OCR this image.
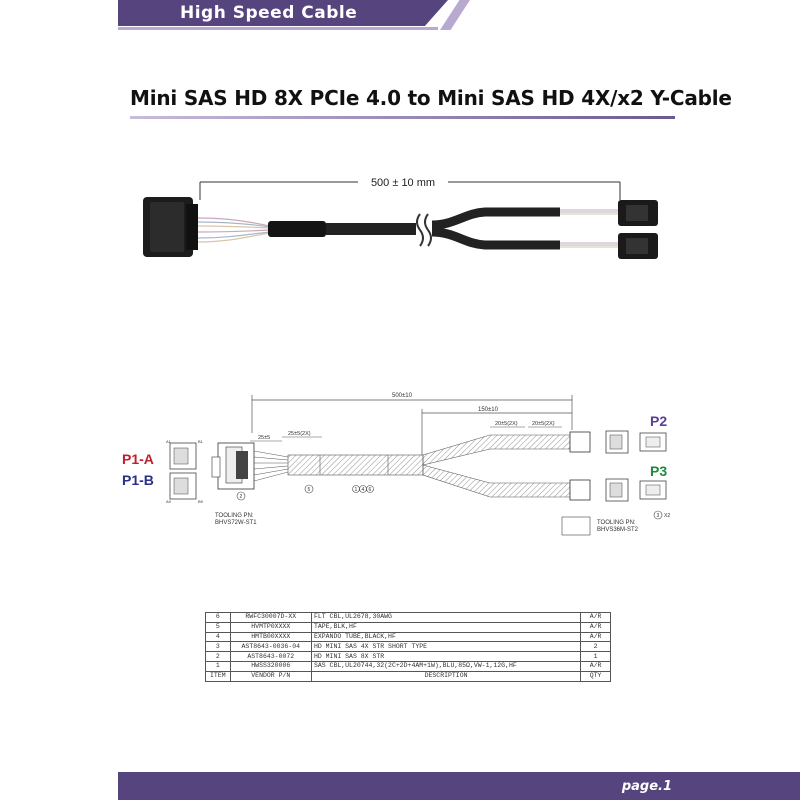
High Speed Cable
Mini SAS HD 8X PCIe 4.0 to Mini SAS HD 4X/x2 Y-Cable
500 ± 10 mm
500±10
150±10
25±5
25±5(2X)
20±5(2X)	20±5(2X)
A1	B1
A9	B9
P1-A
P1-B
P2
P3
2
5	1 4 6
3 X2
TOOLING PN:
BHVS72W-ST1	TOOLING PN:
BHVS36M-ST2
6	RWFC30007D-XX	FLT CBL,UL2678,30AWG	A/R
5	HVMTP0XXXX	TAPE,BLK,HF	A/R
4	HMTB00XXXX	EXPANDO TUBE,BLACK,HF	A/R
3	AST8643-0036-04	HD MINI SAS 4X STR SHORT TYPE	2
2	AST8643-0072	HD MINI SAS 8X STR	1
1	HWSS320006	SAS CBL,UL20744,32(2C+2D+4AM+1W),BLU,85Ω,VW-1,12G,HF	A/R
ITEM	VENDOR P/N	DESCRIPTION	QTY
page.1
